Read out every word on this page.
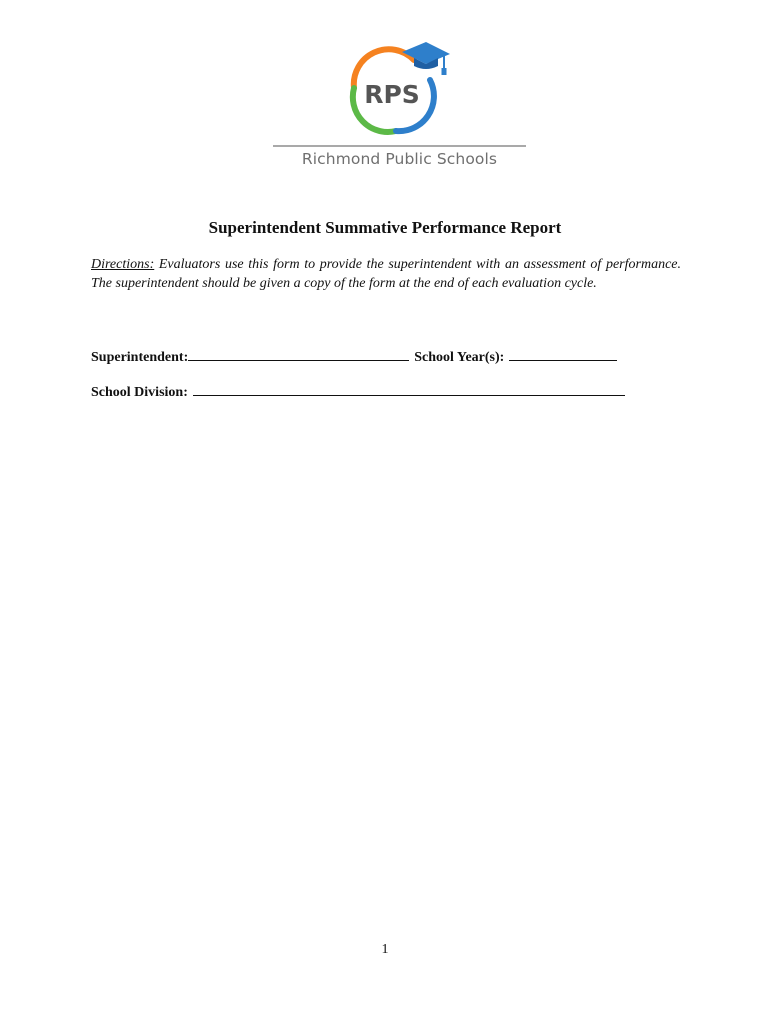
RPS
Richmond Public Schools
Superintendent Summative Performance Report
Directions: Evaluators use this form to provide the superintendent with an assessment of performance. The superintendent should be given a copy of the form at the end of each evaluation cycle.
Superintendent:	School Year(s):
School Division:
1
